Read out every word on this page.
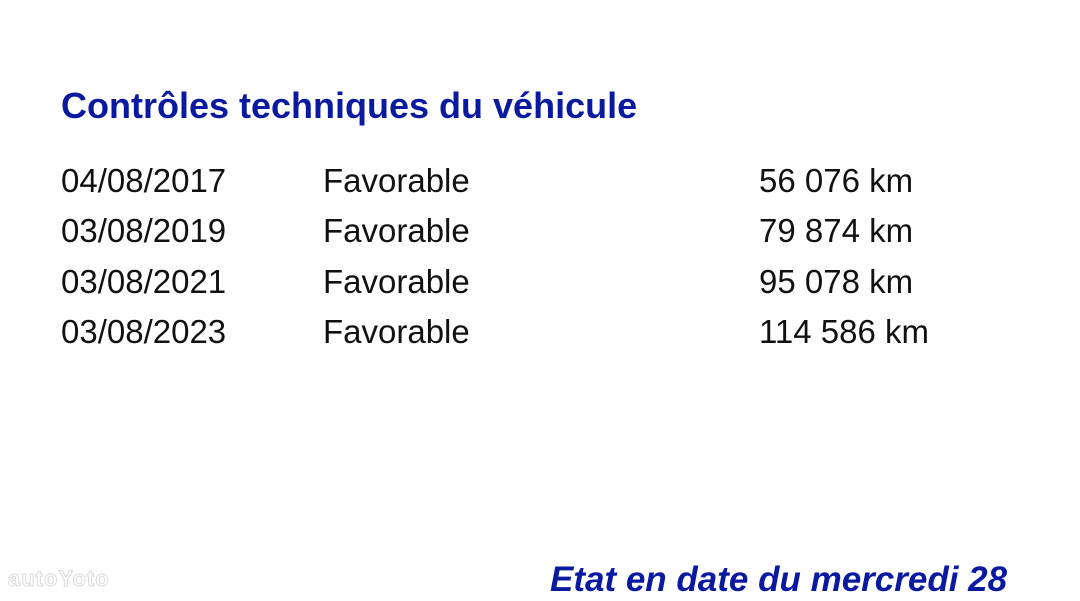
Contrôles techniques du véhicule
04/08/2017	Favorable	56 076 km
03/08/2019	Favorable	79 874 km
03/08/2021	Favorable	95 078 km
03/08/2023	Favorable	114 586 km
autoYoto	Etat en date du mercredi 28
